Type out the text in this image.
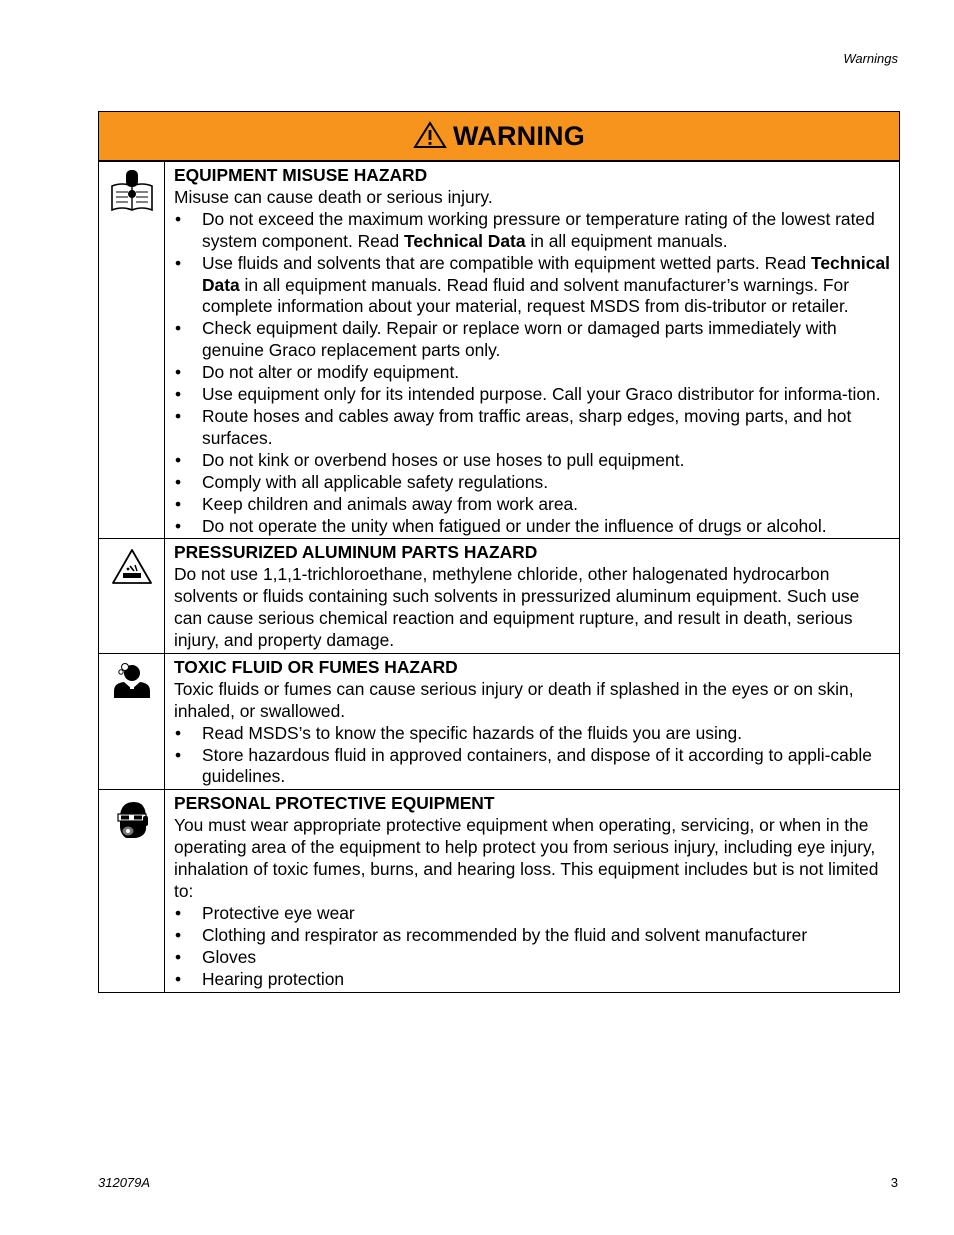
Warnings
WARNING
EQUIPMENT MISUSE HAZARD
Misuse can cause death or serious injury.
• Do not exceed the maximum working pressure or temperature rating of the lowest rated system component. Read Technical Data in all equipment manuals.
• Use fluids and solvents that are compatible with equipment wetted parts. Read Technical Data in all equipment manuals. Read fluid and solvent manufacturer’s warnings. For complete information about your material, request MSDS from dis-tributor or retailer.
• Check equipment daily. Repair or replace worn or damaged parts immediately with genuine Graco replacement parts only.
• Do not alter or modify equipment.
• Use equipment only for its intended purpose. Call your Graco distributor for informa-tion.
• Route hoses and cables away from traffic areas, sharp edges, moving parts, and hot surfaces.
• Do not kink or overbend hoses or use hoses to pull equipment.
• Comply with all applicable safety regulations.
• Keep children and animals away from work area.
• Do not operate the unity when fatigued or under the influence of drugs or alcohol.
PRESSURIZED ALUMINUM PARTS HAZARD
Do not use 1,1,1-trichloroethane, methylene chloride, other halogenated hydrocarbon solvents or fluids containing such solvents in pressurized aluminum equipment. Such use can cause serious chemical reaction and equipment rupture, and result in death, serious injury, and property damage.
TOXIC FLUID OR FUMES HAZARD
Toxic fluids or fumes can cause serious injury or death if splashed in the eyes or on skin, inhaled, or swallowed.
• Read MSDS’s to know the specific hazards of the fluids you are using.
• Store hazardous fluid in approved containers, and dispose of it according to appli-cable guidelines.
PERSONAL PROTECTIVE EQUIPMENT
You must wear appropriate protective equipment when operating, servicing, or when in the operating area of the equipment to help protect you from serious injury, including eye injury, inhalation of toxic fumes, burns, and hearing loss. This equipment includes but is not limited to:
• Protective eye wear
• Clothing and respirator as recommended by the fluid and solvent manufacturer
• Gloves
• Hearing protection
312079A	3
